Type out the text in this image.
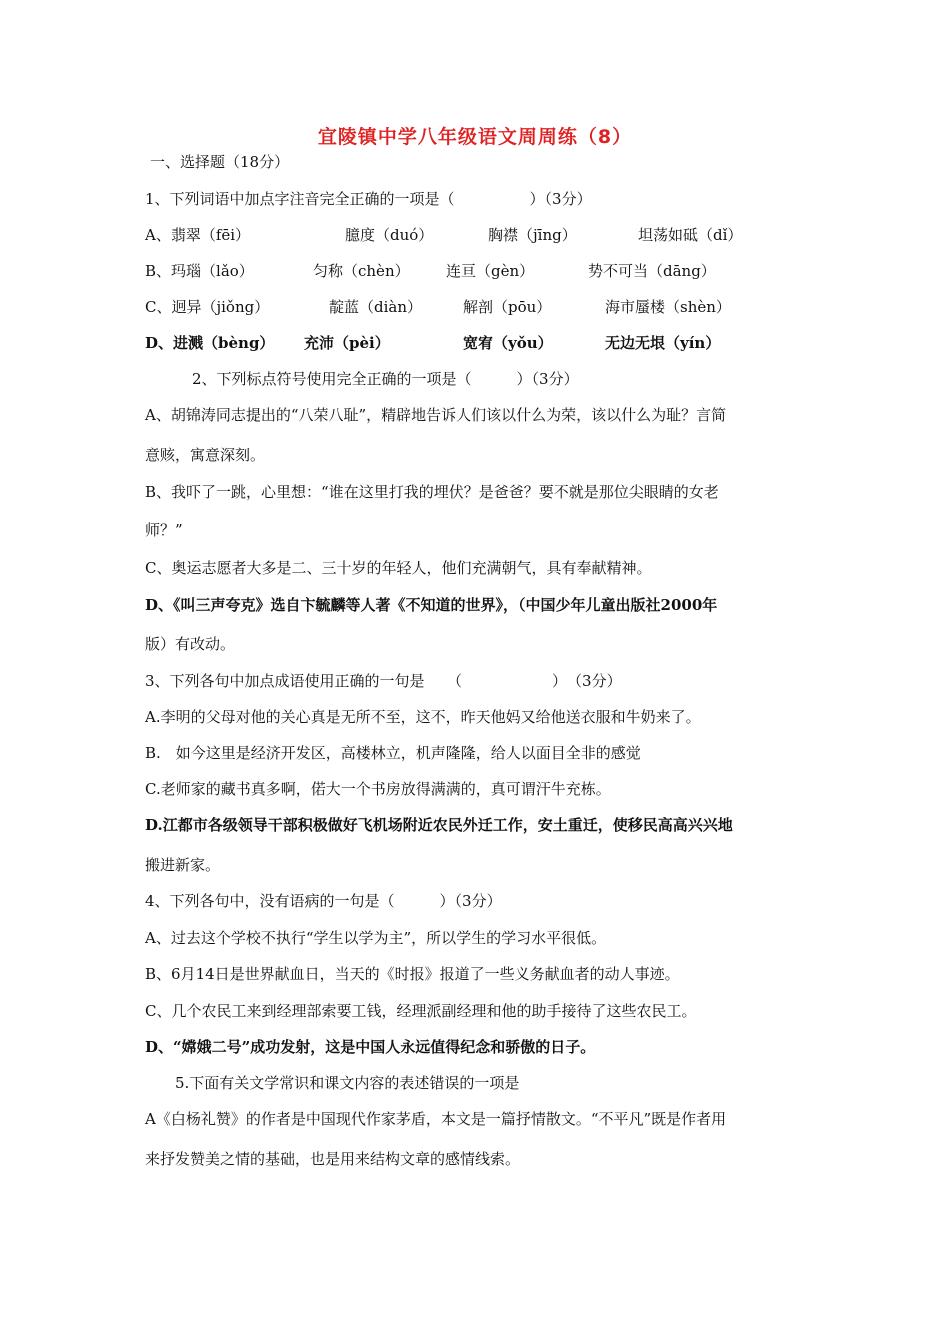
宜陵镇中学八年级语文周周练（8）
一、选择题（18分）
1、下列词语中加点字注音完全正确的一项是（　　　　　）（3分）
A、翡翠（fēi）	臆度（duó）	胸襟（jīng）	坦荡如砥（dǐ）
B、玛瑙（lǎo）	匀称（chèn） 连亘（gèn）	势不可当（dāng）
C、迥异（jiǒng）	靛蓝（diàn）	解剖（pōu）	海市蜃楼（shèn）
D、进溅（bèng） 充沛（pèi）	宽宥（yǒu）	无边无垠（yín）
2、下列标点符号使用完全正确的一项是（　　　）（3分）
A、胡锦涛同志提出的“八荣八耻”，精辟地告诉人们该以什么为荣，该以什么为耻？言简
意赅，寓意深刻。
B、我吓了一跳，心里想：“谁在这里打我的埋伏？是爸爸？要不就是那位尖眼睛的女老
师？”
C、奥运志愿者大多是二、三十岁的年轻人，他们充满朝气，具有奉献精神。
D、《叫三声夸克》选自卞毓麟等人著《不知道的世界》，（中国少年儿童出版社2000年
版）有改动。
3、下列各句中加点成语使用正确的一句是　　（　　　　　　）　（3分）
A.李明的父母对他的关心真是无所不至，这不，昨天他妈又给他送衣服和牛奶来了。
B.　如今这里是经济开发区，高楼林立，机声隆隆，给人以面目全非的感觉
C.老师家的藏书真多啊，偌大一个书房放得满满的，真可谓汗牛充栋。
D.江都市各级领导干部积极做好飞机场附近农民外迁工作，安土重迁，使移民高高兴兴地
搬进新家。
4、下列各句中，没有语病的一句是（　　　）（3分）
A、过去这个学校不执行“学生以学为主”，所以学生的学习水平很低。
B、6月14日是世界献血日，当天的《时报》报道了一些义务献血者的动人事迹。
C、几个农民工来到经理部索要工钱，经理派副经理和他的助手接待了这些农民工。
D、“嫦娥二号”成功发射，这是中国人永远值得纪念和骄傲的日子。
5.下面有关文学常识和课文内容的表述错误的一项是
A《白杨礼赞》的作者是中国现代作家茅盾，本文是一篇抒情散文。“不平凡”既是作者用
来抒发赞美之情的基础，也是用来结构文章的感情线索。
